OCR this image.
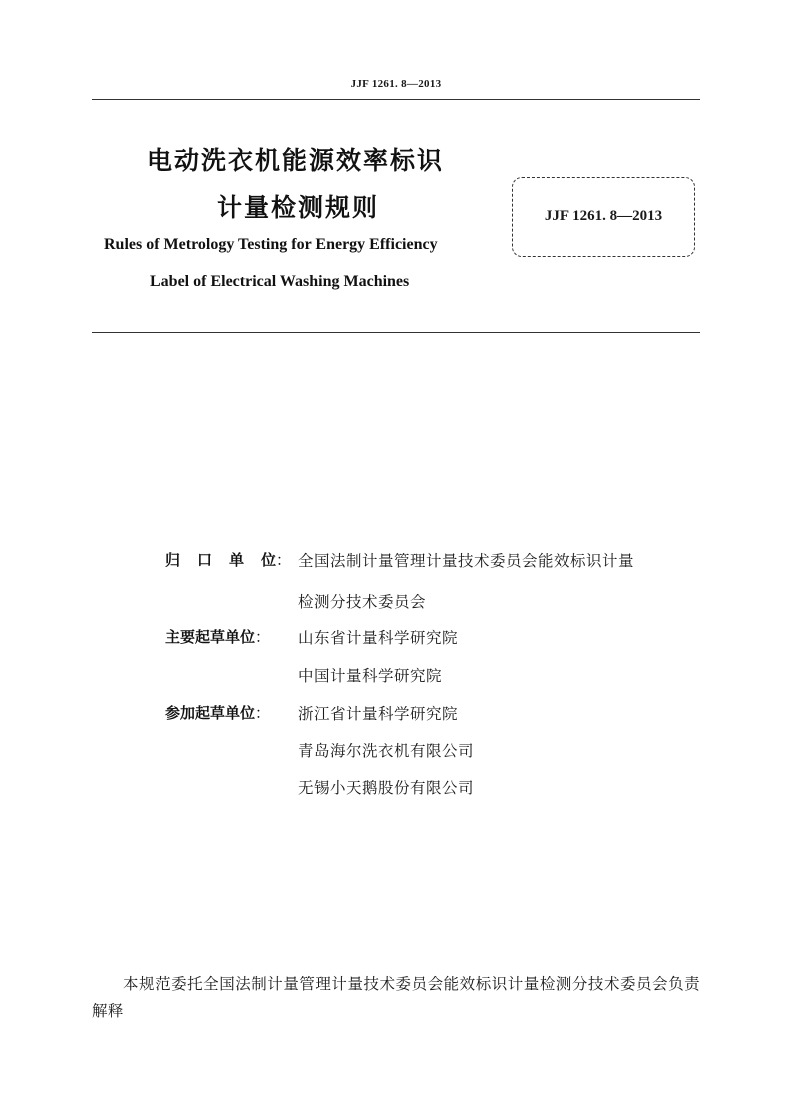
JJF 1261. 8—2013
电动洗衣机能源效率标识
计量检测规则
Rules of Metrology Testing for Energy Efficiency
Label of Electrical Washing Machines
JJF 1261. 8—2013
归 口 单 位 ： 全国法制计量管理计量技术委员会能效标识计量
检测分技术委员会
主要起草单位：	山东省计量科学研究院
中国计量科学研究院
参加起草单位：	浙江省计量科学研究院
青岛海尔洗衣机有限公司
无锡小天鹅股份有限公司
本规范委托全国法制计量管理计量技术委员会能效标识计量检测分技术委员会负责解释
